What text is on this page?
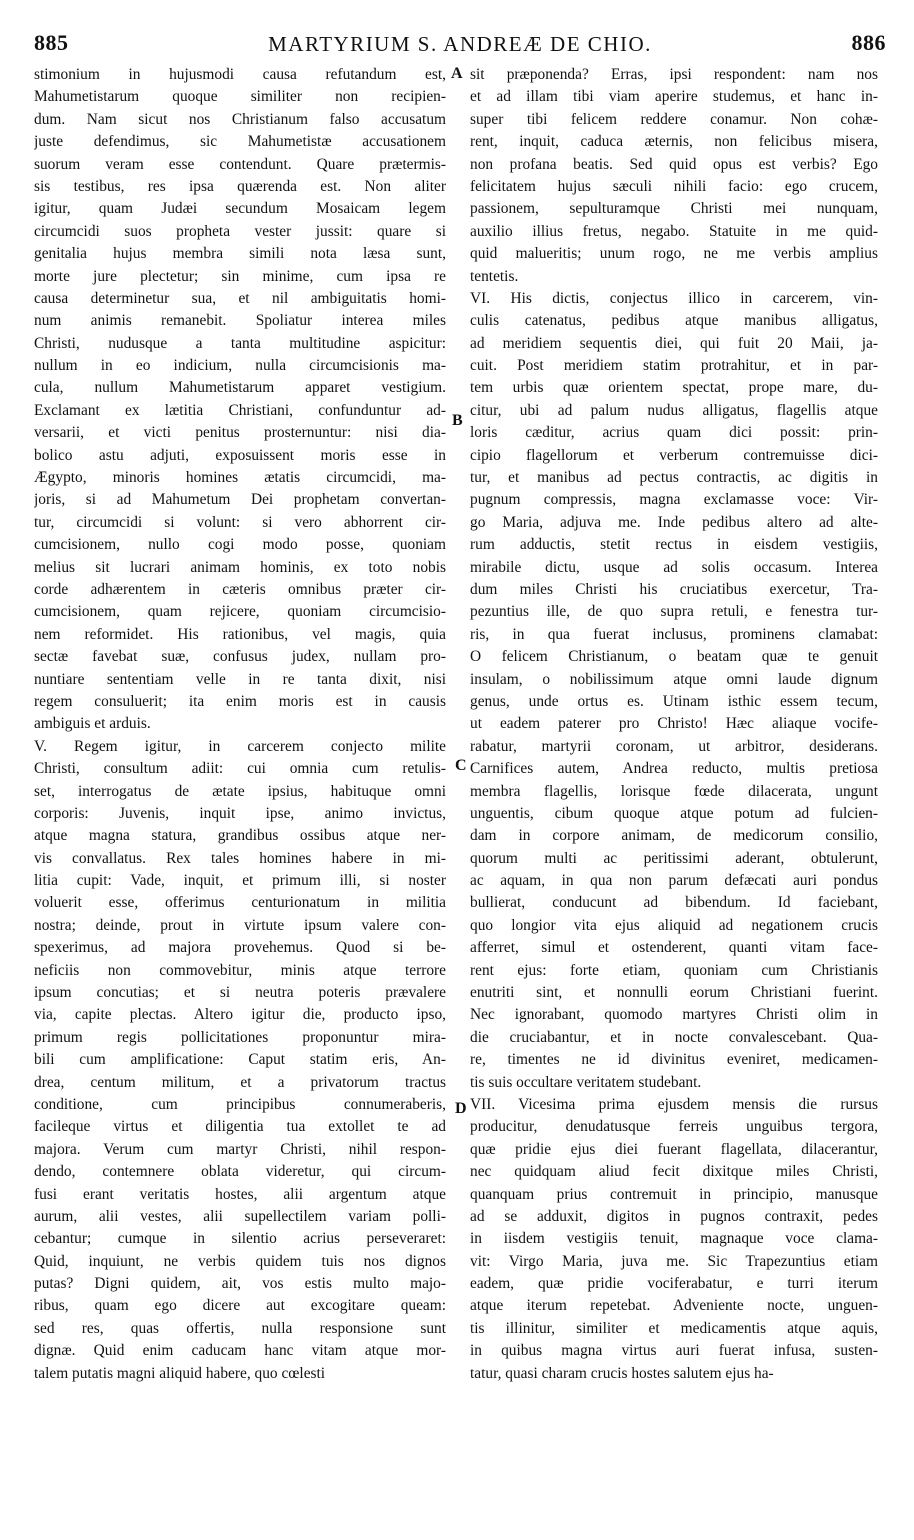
885	MARTYRIUM S. ANDREÆ DE CHIO.	886
A
B
C
D
stimonium in hujusmodi causa refutandum est,
Mahumetistarum quoque similiter non recipien-
dum. Nam sicut nos Christianum falso accusatum
juste defendimus, sic Mahumetistæ accusationem
suorum veram esse contendunt. Quare prætermis-
sis testibus, res ipsa quærenda est. Non aliter
igitur, quam Judæi secundum Mosaicam legem
circumcidi suos propheta vester jussit: quare si
genitalia hujus membra simili nota læsa sunt,
morte jure plectetur; sin minime, cum ipsa re
causa determinetur sua, et nil ambiguitatis homi-
num animis remanebit. Spoliatur interea miles
Christi, nudusque a tanta multitudine aspicitur:
nullum in eo indicium, nulla circumcisionis ma-
cula, nullum Mahumetistarum apparet vestigium.
Exclamant ex lætitia Christiani, confunduntur ad-
versarii, et victi penitus prosternuntur: nisi dia-
bolico astu adjuti, exposuissent moris esse in
Ægypto, minoris homines ætatis circumcidi, ma-
joris, si ad Mahumetum Dei prophetam convertan-
tur, circumcidi si volunt: si vero abhorrent cir-
cumcisionem, nullo cogi modo posse, quoniam
melius sit lucrari animam hominis, ex toto nobis
corde adhærentem in cæteris omnibus præter cir-
cumcisionem, quam rejicere, quoniam circumcisio-
nem reformidet. His rationibus, vel magis, quia
sectæ favebat suæ, confusus judex, nullam pro-
nuntiare sententiam velle in re tanta dixit, nisi
regem consuluerit; ita enim moris est in causis
ambiguis et arduis.
V. Regem igitur, in carcerem conjecto milite
Christi, consultum adiit: cui omnia cum retulis-
set, interrogatus de ætate ipsius, habituque omni
corporis: Juvenis, inquit ipse, animo invictus,
atque magna statura, grandibus ossibus atque ner-
vis convallatus. Rex tales homines habere in mi-
litia cupit: Vade, inquit, et primum illi, si noster
voluerit esse, offerimus centurionatum in militia
nostra; deinde, prout in virtute ipsum valere con-
spexerimus, ad majora provehemus. Quod si be-
neficiis non commovebitur, minis atque terrore
ipsum concutias; et si neutra poteris prævalere
via, capite plectas. Altero igitur die, producto ipso,
primum regis pollicitationes proponuntur mira-
bili cum amplificatione: Caput statim eris, An-
drea, centum militum, et a privatorum tractus
conditione, cum principibus connumeraberis,
facileque virtus et diligentia tua extollet te ad
majora. Verum cum martyr Christi, nihil respon-
dendo, contemnere oblata videretur, qui circum-
fusi erant veritatis hostes, alii argentum atque
aurum, alii vestes, alii supellectilem variam polli-
cebantur; cumque in silentio acrius perseveraret:
Quid, inquiunt, ne verbis quidem tuis nos dignos
putas? Digni quidem, ait, vos estis multo majo-
ribus, quam ego dicere aut excogitare queam:
sed res, quas offertis, nulla responsione sunt
dignæ. Quid enim caducam hanc vitam atque mor-
talem putatis magni aliquid habere, quo cœlesti
sit præponenda? Erras, ipsi respondent: nam nos
et ad illam tibi viam aperire studemus, et hanc in-
super tibi felicem reddere conamur. Non cohæ-
rent, inquit, caduca æternis, non felicibus misera,
non profana beatis. Sed quid opus est verbis? Ego
felicitatem hujus sæculi nihili facio: ego crucem,
passionem, sepulturamque Christi mei nunquam,
auxilio illius fretus, negabo. Statuite in me quid-
quid malueritis; unum rogo, ne me verbis amplius
tentetis.
VI. His dictis, conjectus illico in carcerem, vin-
culis catenatus, pedibus atque manibus alligatus,
ad meridiem sequentis diei, qui fuit 20 Maii, ja-
cuit. Post meridiem statim protrahitur, et in par-
tem urbis quæ orientem spectat, prope mare, du-
citur, ubi ad palum nudus alligatus, flagellis atque
loris cæditur, acrius quam dici possit: prin-
cipio flagellorum et verberum contremuisse dici-
tur, et manibus ad pectus contractis, ac digitis in
pugnum compressis, magna exclamasse voce: Vir-
go Maria, adjuva me. Inde pedibus altero ad alte-
rum adductis, stetit rectus in eisdem vestigiis,
mirabile dictu, usque ad solis occasum. Interea
dum miles Christi his cruciatibus exercetur, Tra-
pezuntius ille, de quo supra retuli, e fenestra tur-
ris, in qua fuerat inclusus, prominens clamabat:
O felicem Christianum, o beatam quæ te genuit
insulam, o nobilissimum atque omni laude dignum
genus, unde ortus es. Utinam isthic essem tecum,
ut eadem paterer pro Christo! Hæc aliaque vocife-
rabatur, martyrii coronam, ut arbitror, desiderans.
Carnifices autem, Andrea reducto, multis pretiosa
membra flagellis, lorisque fœde dilacerata, ungunt
unguentis, cibum quoque atque potum ad fulcien-
dam in corpore animam, de medicorum consilio,
quorum multi ac peritissimi aderant, obtulerunt,
ac aquam, in qua non parum defæcati auri pondus
bullierat, conducunt ad bibendum. Id faciebant,
quo longior vita ejus aliquid ad negationem crucis
afferret, simul et ostenderent, quanti vitam face-
rent ejus: forte etiam, quoniam cum Christianis
enutriti sint, et nonnulli eorum Christiani fuerint.
Nec ignorabant, quomodo martyres Christi olim in
die cruciabantur, et in nocte convalescebant. Qua-
re, timentes ne id divinitus eveniret, medicamen-
tis suis occultare veritatem studebant.
VII. Vicesima prima ejusdem mensis die rursus
producitur, denudatusque ferreis unguibus tergora,
quæ pridie ejus diei fuerant flagellata, dilacerantur,
nec quidquam aliud fecit dixitque miles Christi,
quanquam prius contremuit in principio, manusque
ad se adduxit, digitos in pugnos contraxit, pedes
in iisdem vestigiis tenuit, magnaque voce clama-
vit: Virgo Maria, juva me. Sic Trapezuntius etiam
eadem, quæ pridie vociferabatur, e turri iterum
atque iterum repetebat. Adveniente nocte, unguen-
tis illinitur, similiter et medicamentis atque aquis,
in quibus magna virtus auri fuerat infusa, susten-
tatur, quasi charam crucis hostes salutem ejus ha-
